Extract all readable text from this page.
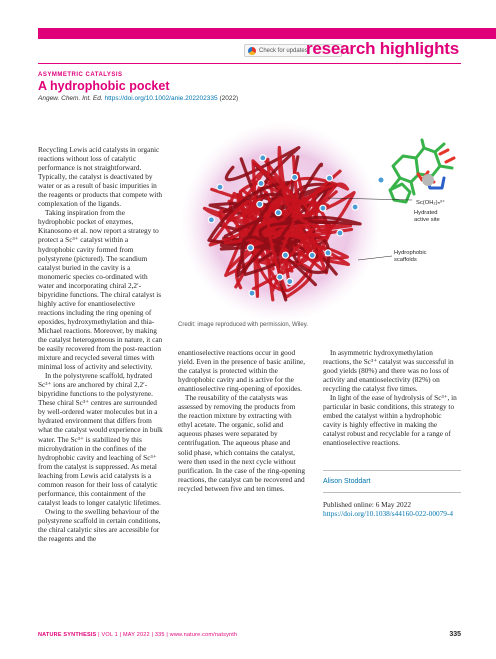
Check for updates
research highlights
ASYMMETRIC CATALYSIS
A hydrophobic pocket
Angew. Chem. Int. Ed. https://doi.org/10.1002/anie.202202335 (2022)

Recycling Lewis acid catalysts in organic reactions without loss of catalytic performance is not straightforward. Typically, the catalyst is deactivated by water or as a result of basic impurities in the reagents or products that compete with complexation of the ligands.

Taking inspiration from the hydrophobic pocket of enzymes, Kitanosono et al. now report a strategy to protect a Sc³⁺ catalyst within a hydrophobic cavity formed from polystyrene (pictured). The scandium catalyst buried in the cavity is a monomeric species co-ordinated with water and incorporating chiral 2,2ʹ-bipyridine functions. The chiral catalyst is highly active for enantioselective reactions including the ring opening of epoxides, hydroxymethylation and thia-Michael reactions. Moreover, by making the catalyst heterogeneous in nature, it can be easily recovered from the post-reaction mixture and recycled several times with minimal loss of activity and selectivity.

In the polystyrene scaffold, hydrated Sc³⁺ ions are anchored by chiral 2,2ʹ-bipyridine functions to the polystyrene. These chiral Sc³⁺ centres are surrounded by well-ordered water molecules but in a hydrated environment that differs from what the catalyst would experience in bulk water. The Sc³⁺ is stabilized by this microhydration in the confines of the hydrophobic cavity and leaching of Sc³⁺ from the catalyst is suppressed. As metal leaching from Lewis acid catalysts is a common reason for their loss of catalytic performance, this containment of the catalyst leads to longer catalytic lifetimes.

Owing to the swelling behaviour of the polystyrene scaffold in certain conditions, the chiral catalytic sites are accessible for the reagents and the

Sc(OH₂)ₙ³⁺
Hydrated
active site
Hydrophobic
scaffolds
Credit: image reproduced with permission, Wiley.

enantioselective reactions occur in good yield. Even in the presence of basic aniline, the catalyst is protected within the hydrophobic cavity and is active for the enantioselective ring-opening of epoxides.

The reusability of the catalysts was assessed by removing the products from the reaction mixture by extracting with ethyl acetate. The organic, solid and aqueous phases were separated by centrifugation. The aqueous phase and solid phase, which contains the catalyst, were then used in the next cycle without purification. In the case of the ring-opening reactions, the catalyst can be recovered and recycled between five and ten times.

In asymmetric hydroxymethylation reactions, the Sc³⁺ catalyst was successful in good yields (80%) and there was no loss of activity and enantioselectivity (82%) on recycling the catalyst five times.

In light of the ease of hydrolysis of Sc³⁺, in particular in basic conditions, this strategy to embed the catalyst within a hydrophobic cavity is highly effective in making the catalyst robust and recyclable for a range of enantioselective reactions.

Alison Stoddart
Published online: 6 May 2022
https://doi.org/10.1038/s44160-022-00079-4
NATURE SYNTHESIS | VOL 1 | MAY 2022 | 335 | www.nature.com/natsynth	335
